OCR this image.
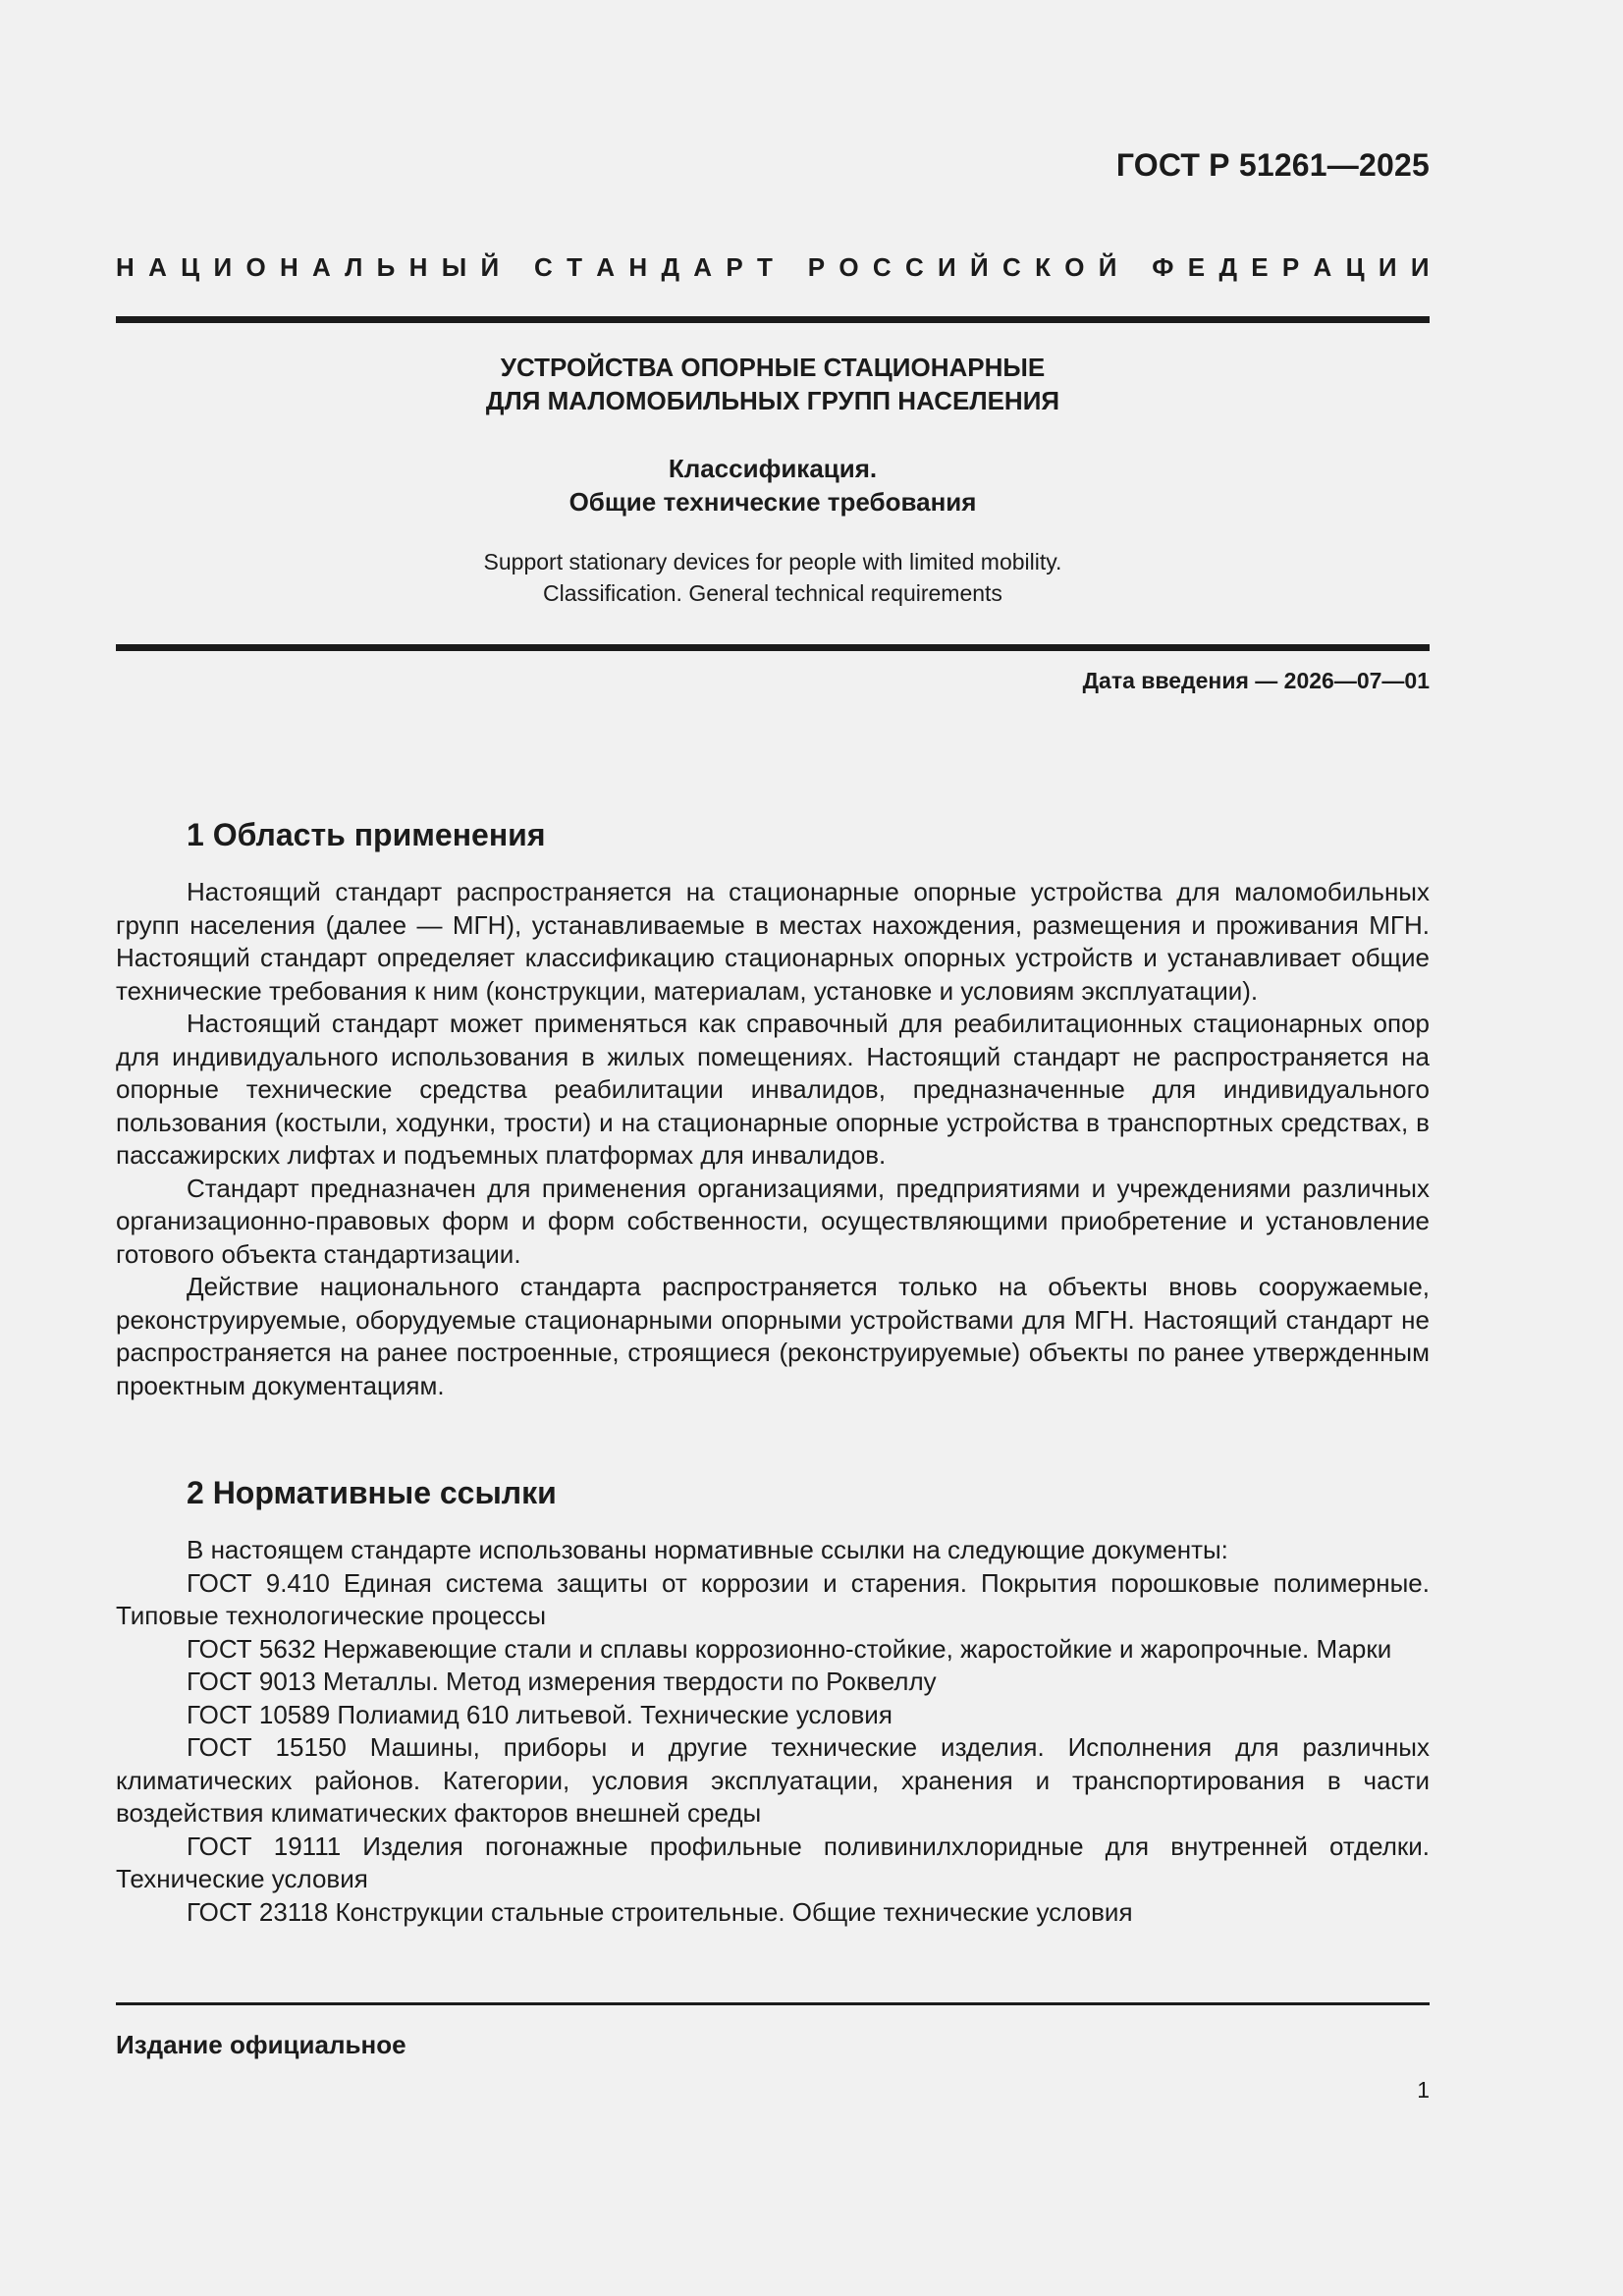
ГОСТ Р 51261—2025

Н А Ц И О Н А Л Ь Н Ы Й
С Т А Н Д А Р Т
Р О С С И Й С К О Й
Ф Е Д Е Р А Ц И И

УСТРОЙСТВА ОПОРНЫЕ СТАЦИОНАРНЫЕ
ДЛЯ МАЛОМОБИЛЬНЫХ ГРУПП НАСЕЛЕНИЯ
Классификация.
Общие технические требования
Support stationary devices for people with limited mobility.
Classification. General technical requirements

Дата введения — 2026—07—01

1 Область применения

Настоящий стандарт распространяется на стационарные опорные устройства для маломобильных групп населения (далее — МГН), устанавливаемые в местах нахождения, размещения и проживания МГН. Настоящий стандарт определяет классификацию стационарных опорных устройств и устанавливает общие технические требования к ним (конструкции, материалам, установке и условиям эксплуатации).

Настоящий стандарт может применяться как справочный для реабилитационных стационарных опор для индивидуального использования в жилых помещениях. Настоящий стандарт не распространяется на опорные технические средства реабилитации инвалидов, предназначенные для индивидуального пользования (костыли, ходунки, трости) и на стационарные опорные устройства в транспортных средствах, в пассажирских лифтах и подъемных платформах для инвалидов.

Стандарт предназначен для применения организациями, предприятиями и учреждениями различных организационно-правовых форм и форм собственности, осуществляющими приобретение и установление готового объекта стандартизации.

Действие национального стандарта распространяется только на объекты вновь сооружаемые, реконструируемые, оборудуемые стационарными опорными устройствами для МГН. Настоящий стандарт не распространяется на ранее построенные, строящиеся (реконструируемые) объекты по ранее утвержденным проектным документациям.

2 Нормативные ссылки

В настоящем стандарте использованы нормативные ссылки на следующие документы:

ГОСТ 9.410 Единая система защиты от коррозии и старения. Покрытия порошковые полимерные. Типовые технологические процессы

ГОСТ 5632 Нержавеющие стали и сплавы коррозионно-стойкие, жаростойкие и жаропрочные. Марки

ГОСТ 9013 Металлы. Метод измерения твердости по Роквеллу

ГОСТ 10589 Полиамид 610 литьевой. Технические условия

ГОСТ 15150 Машины, приборы и другие технические изделия. Исполнения для различных климатических районов. Категории, условия эксплуатации, хранения и транспортирования в части воздействия климатических факторов внешней среды

ГОСТ 19111 Изделия погонажные профильные поливинилхлоридные для внутренней отделки. Технические условия

ГОСТ 23118 Конструкции стальные строительные. Общие технические условия

Издание официальное

1
